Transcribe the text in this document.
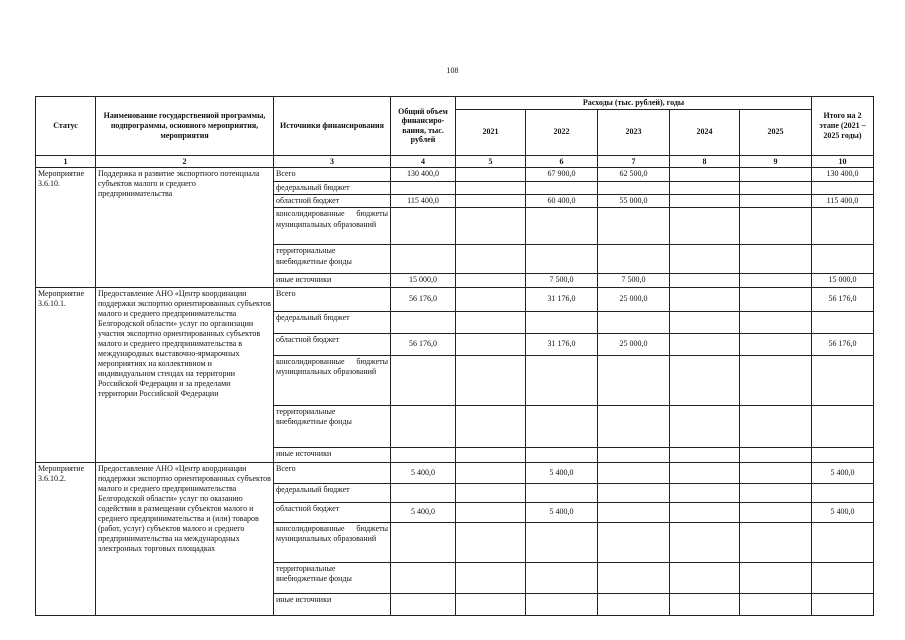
108
Статус	Наименование государственной программы, подпрограммы, основного мероприятия, мероприятия	Источники финансирования	Общий объем финансиро-вания, тыс. рублей	Расходы (тыс. рублей), годы					Итого на 2 этапе (2021 – 2025 годы)
				2021	2022	2023	2024	2025	
1	2	3	4	5	6	7	8	9	10
Мероприятие 3.6.10.	Поддержка и развитие экспортного потенциала субъектов малого и среднего предпринимательства	Всего	130 400,0		67 900,0	62 500,0			130 400,0
		федеральный бюджет							
		областной бюджет	115 400,0		60 400,0	55 000,0			115 400,0
		консолидированные бюджеты муниципальных образований							
		территориальные внебюджетные фонды							
		иные источники	15 000,0		7 500,0	7 500,0			15 000,0
Мероприятие 3.6.10.1.	Предоставление АНО «Центр координации поддержки экспортно ориентированных субъектов малого и среднего предпринимательства Белгородской области» услуг по организации участия экспортно ориентированных субъектов малого и среднего предпринимательства в международных выставочно-ярмарочных мероприятиях на коллективном и индивидуальном стендах на территории Российской Федерации и за пределами территории Российской Федерации	Всего	56 176,0		31 176,0	25 000,0			56 176,0
		федеральный бюджет							
		областной бюджет	56 176,0		31 176,0	25 000,0			56 176,0
		консолидированные бюджеты муниципальных образований							
		территориальные внебюджетные фонды							
		иные источники							
Мероприятие 3.6.10.2.	Предоставление АНО «Центр координации поддержки экспортно ориентированных субъектов малого и среднего предпринимательства Белгородской области» услуг по оказанию содействия в размещении субъектов малого и среднего предпринимательства и (или) товаров (работ, услуг) субъектов малого и среднего предпринимательства на международных электронных торговых площадках	Всего	5 400,0		5 400,0				5 400,0
		федеральный бюджет							
		областной бюджет	5 400,0		5 400,0				5 400,0
		консолидированные бюджеты муниципальных образований							
		территориальные внебюджетные фонды							
		иные источники							
